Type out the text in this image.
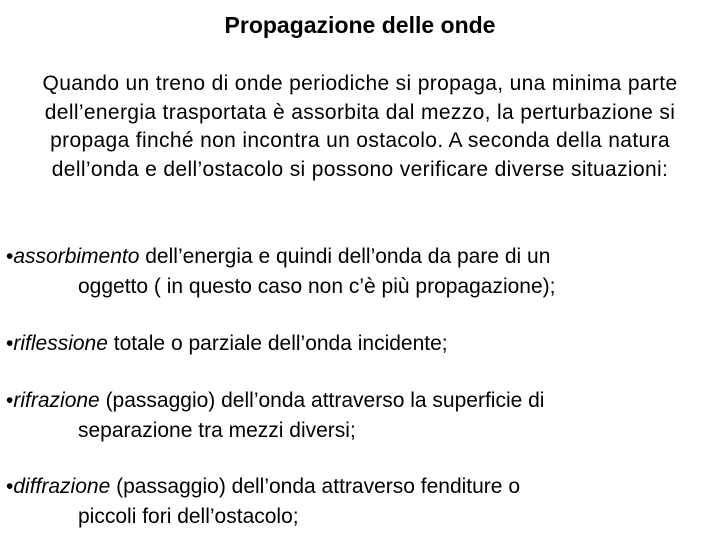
Propagazione delle onde
Quando un treno di onde periodiche si propaga, una minima parte dell’energia trasportata è assorbita dal mezzo, la perturbazione si propaga finché non incontra un ostacolo. A seconda della natura dell’onda e dell’ostacolo si possono verificare diverse situazioni:
•assorbimento dell’energia e quindi dell’onda da pare di un
oggetto ( in questo caso non c’è più propagazione);
•riflessione totale o parziale dell’onda incidente;
•rifrazione (passaggio) dell’onda attraverso la superficie di
separazione tra mezzi diversi;
•diffrazione (passaggio) dell’onda attraverso fenditure o
piccoli fori dell’ostacolo;
